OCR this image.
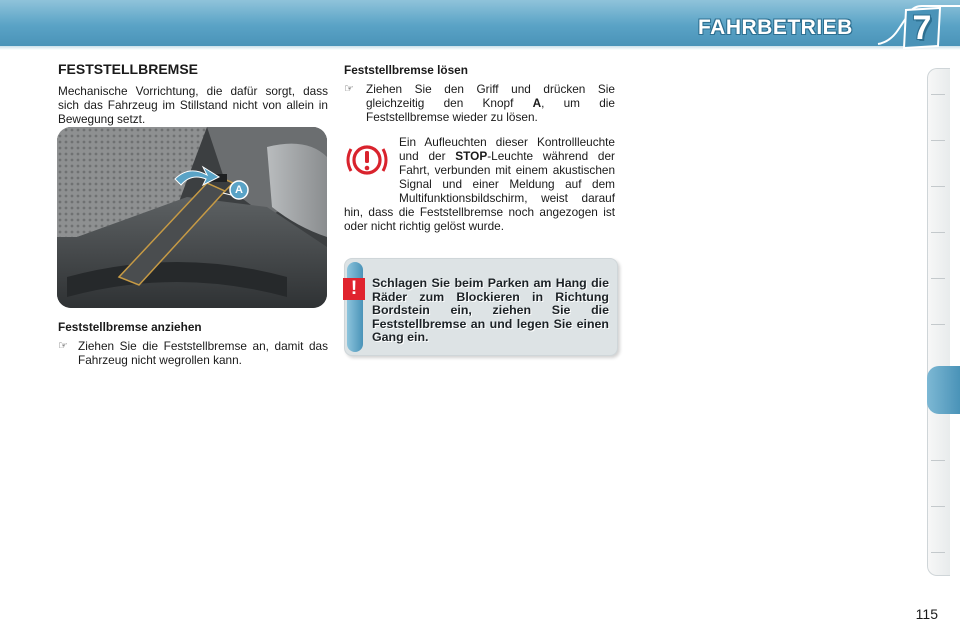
FAHRBETRIEB	7
FESTSTELLBREMSE
Mechanische Vorrichtung, die dafür sorgt, dass sich das Fahrzeug im Stillstand nicht von allein in Bewegung setzt.
A
Feststellbremse anziehen
☞ Ziehen Sie die Feststellbremse an, damit das Fahrzeug nicht wegrollen kann.
Feststellbremse lösen
☞ Ziehen Sie den Griff und drücken Sie gleichzeitig den Knopf A, um die Feststellbremse wieder zu lösen.
Ein Aufleuchten dieser Kontrollleuchte und der STOP-Leuchte während der Fahrt, verbunden mit einem akustischen Signal und einer Meldung auf dem Multifunktionsbildschirm, weist darauf hin, dass die Feststellbremse noch angezogen ist oder nicht richtig gelöst wurde.
!	Schlagen Sie beim Parken am Hang die Räder zum Blockieren in Richtung Bordstein ein, ziehen Sie die Feststellbremse an und legen Sie einen Gang ein.
115
